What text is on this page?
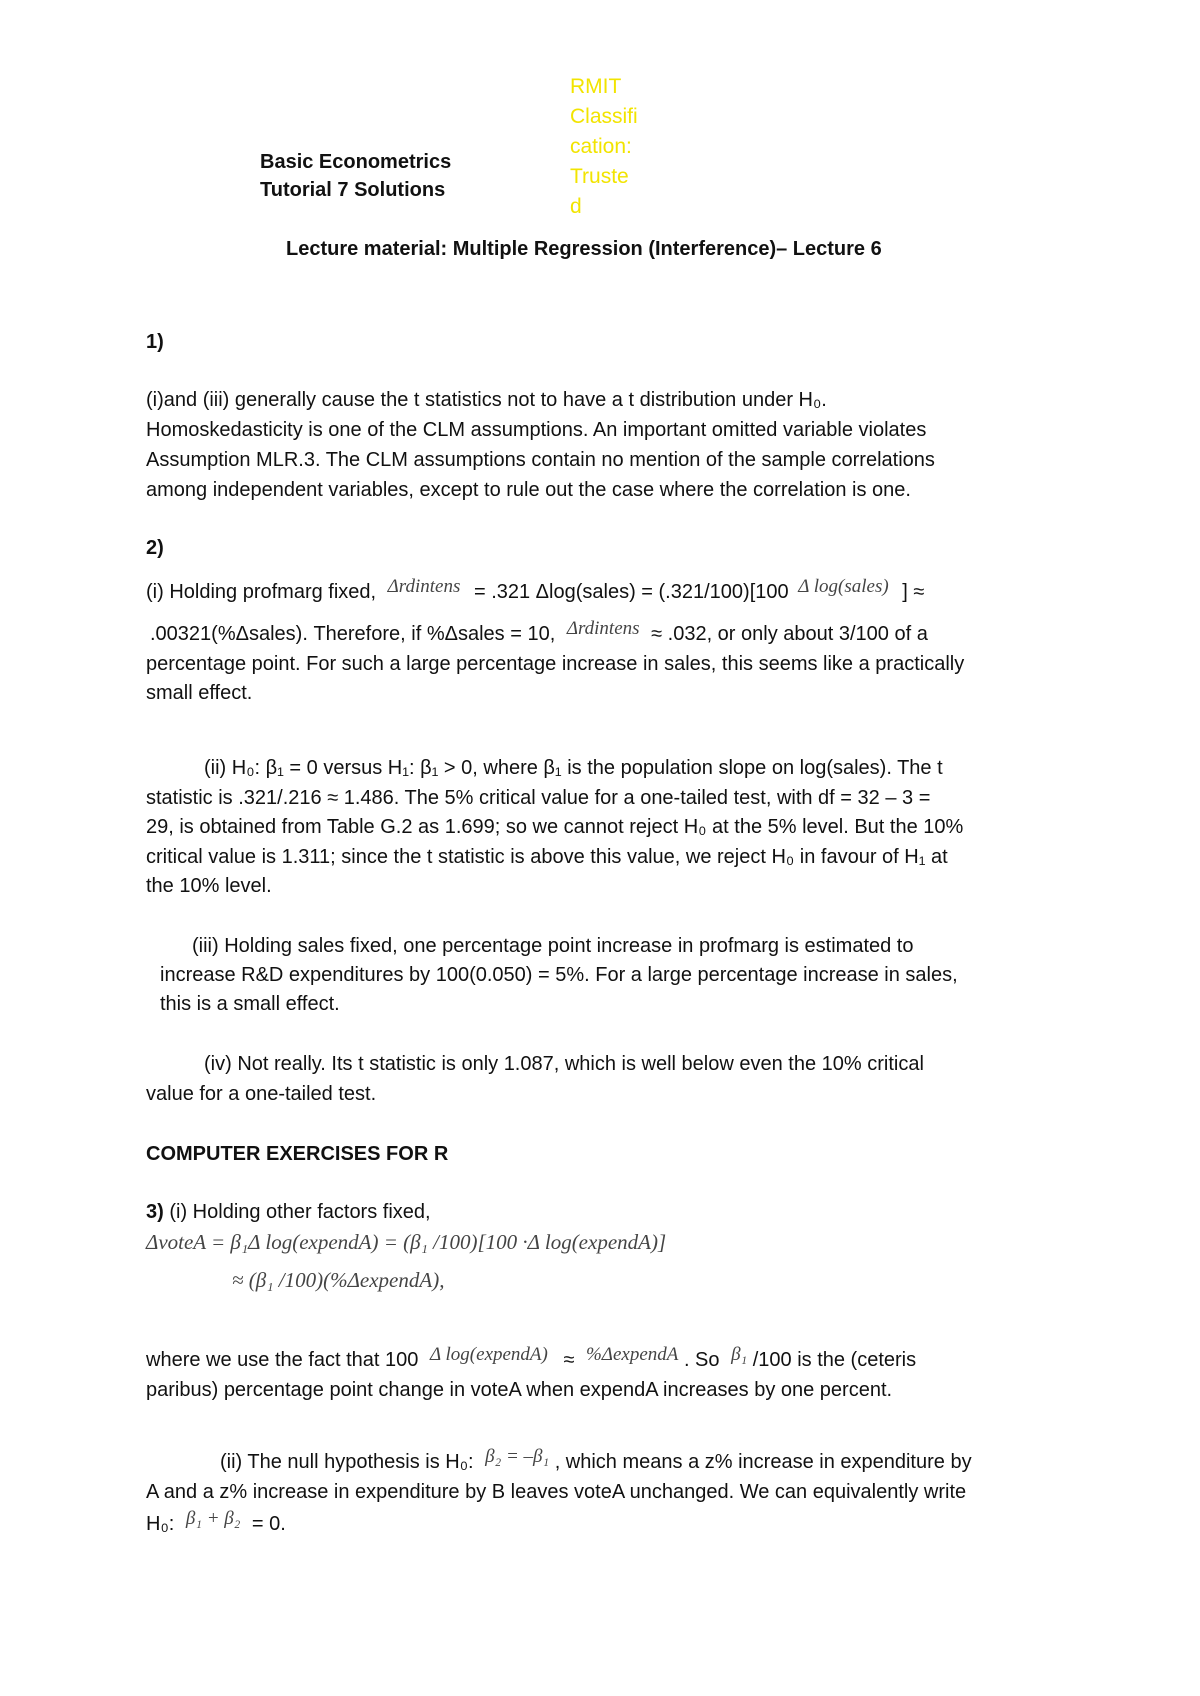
Basic Econometrics
Tutorial 7 Solutions
RMIT
Classifi
cation:
Truste
d
Lecture material: Multiple Regression (Interference)– Lecture 6
1)
(i)and (iii) generally cause the t statistics not to have a t distribution under H₀.
Homoskedasticity is one of the CLM assumptions. An important omitted variable violates
Assumption MLR.3. The CLM assumptions contain no mention of the sample correlations
among independent variables, except to rule out the case where the correlation is one.
2)
(i) Holding profmarg fixed, Δrdintens = .321 Δlog(sales) = (.321/100)[100 Δ log(sales) ] ≈
.00321(%Δsales). Therefore, if %Δsales = 10, Δrdintens ≈ .032, or only about 3/100 of a
percentage point. For such a large percentage increase in sales, this seems like a practically
small effect.
(ii) H₀: β₁ = 0 versus H₁: β₁ > 0, where β₁ is the population slope on log(sales). The t
statistic is .321/.216 ≈ 1.486. The 5% critical value for a one-tailed test, with df = 32 – 3 =
29, is obtained from Table G.2 as 1.699; so we cannot reject H₀ at the 5% level. But the 10%
critical value is 1.311; since the t statistic is above this value, we reject H₀ in favour of H₁ at
the 10% level.
(iii) Holding sales fixed, one percentage point increase in profmarg is estimated to
increase R&D expenditures by 100(0.050) = 5%. For a large percentage increase in sales,
this is a small effect.
(iv) Not really. Its t statistic is only 1.087, which is well below even the 10% critical
value for a one-tailed test.
COMPUTER EXERCISES FOR R
3) (i) Holding other factors fixed,
ΔvoteA = β₁Δ log(expendA) = (β₁ /100)[100 ·Δ log(expendA)]
≈ (β₁ /100)(%ΔexpendA),
where we use the fact that 100 Δ log(expendA) ≈ %ΔexpendA . So β₁ /100 is the (ceteris
paribus) percentage point change in voteA when expendA increases by one percent.
(ii) The null hypothesis is H₀: β₂ = –β₁ , which means a z% increase in expenditure by
A and a z% increase in expenditure by B leaves voteA unchanged. We can equivalently write
H₀: β₁ + β₂ = 0.
